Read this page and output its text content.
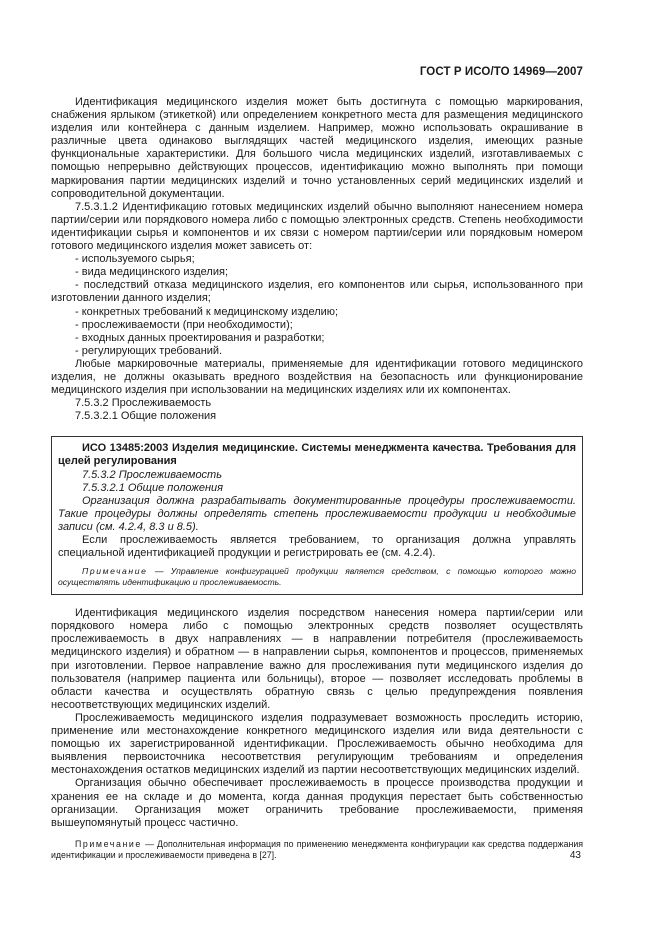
ГОСТ Р ИСО/ТО 14969—2007

Идентификация медицинского изделия может быть достигнута с помощью маркирования, снабжения ярлыком (этикеткой) или определением конкретного места для размещения медицинского изделия или контейнера с данным изделием. Например, можно использовать окрашивание в различные цвета одинаково выглядящих частей медицинского изделия, имеющих разные функциональные характеристики. Для большого числа медицинских изделий, изготавливаемых с помощью непрерывно действующих процессов, идентификацию можно выполнять при помощи маркирования партии медицинских изделий и точно установленных серий медицинских изделий и сопроводительной документации.

7.5.3.1.2 Идентификацию готовых медицинских изделий обычно выполняют нанесением номера партии/серии или порядкового номера либо с помощью электронных средств. Степень необходимости идентификации сырья и компонентов и их связи с номером партии/серии или порядковым номером готового медицинского изделия может зависеть от:

- используемого сырья;

- вида медицинского изделия;

- последствий отказа медицинского изделия, его компонентов или сырья, использованного при изготовлении данного изделия;

- конкретных требований к медицинскому изделию;

- прослеживаемости (при необходимости);

- входных данных проектирования и разработки;

- регулирующих требований.

Любые маркировочные материалы, применяемые для идентификации готового медицинского изделия, не должны оказывать вредного воздействия на безопасность или функционирование медицинского изделия при использовании на медицинских изделиях или их компонентах.

7.5.3.2 Прослеживаемость

7.5.3.2.1 Общие положения

ИСО 13485:2003 Изделия медицинские. Системы менеджмента качества. Требования для целей регулирования

7.5.3.2 Прослеживаемость

7.5.3.2.1 Общие положения

Организация должна разрабатывать документированные процедуры прослеживаемости. Такие процедуры должны определять степень прослеживаемости продукции и необходимые записи (см. 4.2.4, 8.3 и 8.5).

Если прослеживаемость является требованием, то организация должна управлять специальной идентификацией продукции и регистрировать ее (см. 4.2.4).

Примечание — Управление конфигурацией продукции является средством, с помощью которого можно осуществлять идентификацию и прослеживаемость.

Идентификация медицинского изделия посредством нанесения номера партии/серии или порядкового номера либо с помощью электронных средств позволяет осуществлять прослеживаемость в двух направлениях — в направлении потребителя (прослеживаемость медицинского изделия) и обратном — в направлении сырья, компонентов и процессов, применяемых при изготовлении. Первое направление важно для прослеживания пути медицинского изделия до пользователя (например пациента или больницы), второе — позволяет исследовать проблемы в области качества и осуществлять обратную связь с целью предупреждения появления несоответствующих медицинских изделий.

Прослеживаемость медицинского изделия подразумевает возможность проследить историю, применение или местонахождение конкретного медицинского изделия или вида деятельности с помощью их зарегистрированной идентификации. Прослеживаемость обычно необходима для выявления первоисточника несоответствия регулирующим требованиям и определения местонахождения остатков медицинских изделий из партии несоответствующих медицинских изделий.

Организация обычно обеспечивает прослеживаемость в процессе производства продукции и хранения ее на складе и до момента, когда данная продукция перестает быть собственностью организации. Организация может ограничить требование прослеживаемости, применяя вышеупомянутый процесс частично.

Примечание — Дополнительная информация по применению менеджмента конфигурации как средства поддержания идентификации и прослеживаемости приведена в [27].	43
